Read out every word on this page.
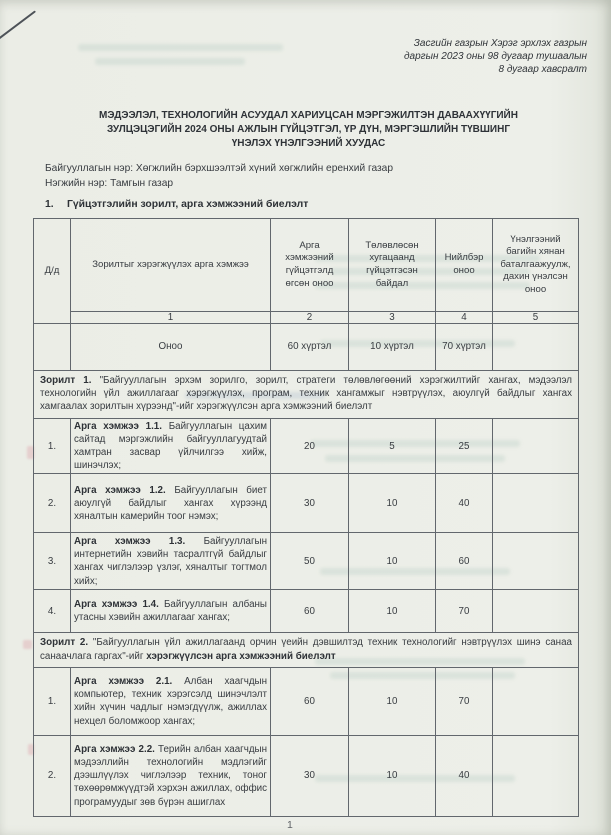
Засгийн газрын Хэрэг эрхлэх газрын
даргын 2023 оны 98 дугаар тушаалын
8 дугаар хавсралт
МЭДЭЭЛЭЛ, ТЕХНОЛОГИЙН АСУУДАЛ ХАРИУЦСАН МЭРГЭЖИЛТЭН ДАВААХҮҮГИЙН
ЗУЛЦЭЦЭГИЙН 2024 ОНЫ АЖЛЫН ГҮЙЦЭТГЭЛ, ҮР ДҮН, МЭРГЭШЛИЙН ТҮВШИНГ
ҮНЭЛЭХ ҮНЭЛГЭЭНИЙ ХУУДАС
Байгууллагын нэр: Хөгжлийн бэрхшээлтэй хүний хөгжлийн еренхий газар
Нэгжийн нэр: Тамгын газар
1. Гүйцэтгэлийн зорилт, арга хэмжээний биелэлт
Д/д	Зорилтыг хэрэгжүүлэх арга хэмжээ	Арга хэмжээний гүйцэтгэлд өгсөн оноо	Төлөвлөсөн хугацаанд гүйцэтгэсэн байдал	Нийлбэр оноо	Үнэлгээний багийн хянан баталгаажуулж, дахин үнэлсэн оноо
	1	2	3	4	5
	Оноо	60 хүртэл	10 хүртэл	70 хүртэл	
Зорилт 1. "Байгууллагын эрхэм зорилго, зорилт, стратеги төлөвлөгөөний хэрэгжилтийг хангах, мэдээлэл технологийн үйл ажиллагааг хэрэгжүүлэх, програм, техник хангамжыг нэвтрүүлэх, аюулгүй байдлыг хангах хамгаалах зорилтын хүрээнд"-ийг хэрэгжүүлсэн арга хэмжээний биелэлт					
1.	Арга хэмжээ 1.1. Байгууллагын цахим сайтад мэргэжлийн байгууллагуудтай хамтран засвар үйлчилгээ хийж, шинэчлэх;	20	5	25	
2.	Арга хэмжээ 1.2. Байгууллагын биет аюулгүй байдлыг хангах хүрээнд хяналтын камерийн тоог нэмэх;	30	10	40	
3.	Арга хэмжээ 1.3. Байгууллагын интернетийн хэвийн тасралтгүй байдлыг хангах чиглэлээр үзлэг, хяналтыг тогтмол хийх;	50	10	60	
4.	Арга хэмжээ 1.4. Байгууллагын албаны утасны хэвийн ажиллагааг хангах;	60	10	70	
Зорилт 2. "Байгууллагын үйл ажиллагаанд орчин үеийн дэвшилтэд техник технологийг нэвтрүүлэх шинэ санаа санаачлага гаргах"-ийг хэрэгжүүлсэн арга хэмжээний биелэлт					
1.	Арга хэмжээ 2.1. Албан хаагчдын компьютер, техник хэрэгсэлд шинэчлэлт хийн хүчин чадлыг нэмэгдүүлж, ажиллах нехцел боломжоор хангах;	60	10	70	
2.	Арга хэмжээ 2.2. Терийн албан хаагчдын мэдээллийн технологийн мэдлэгийг дээшлүүлэх чиглэлээр техник, тоног төхөөрөмжүүдтэй хэрхэн ажиллах, оффис програмуудыг зөв бүрэн ашиглах	30	10	40	
1
